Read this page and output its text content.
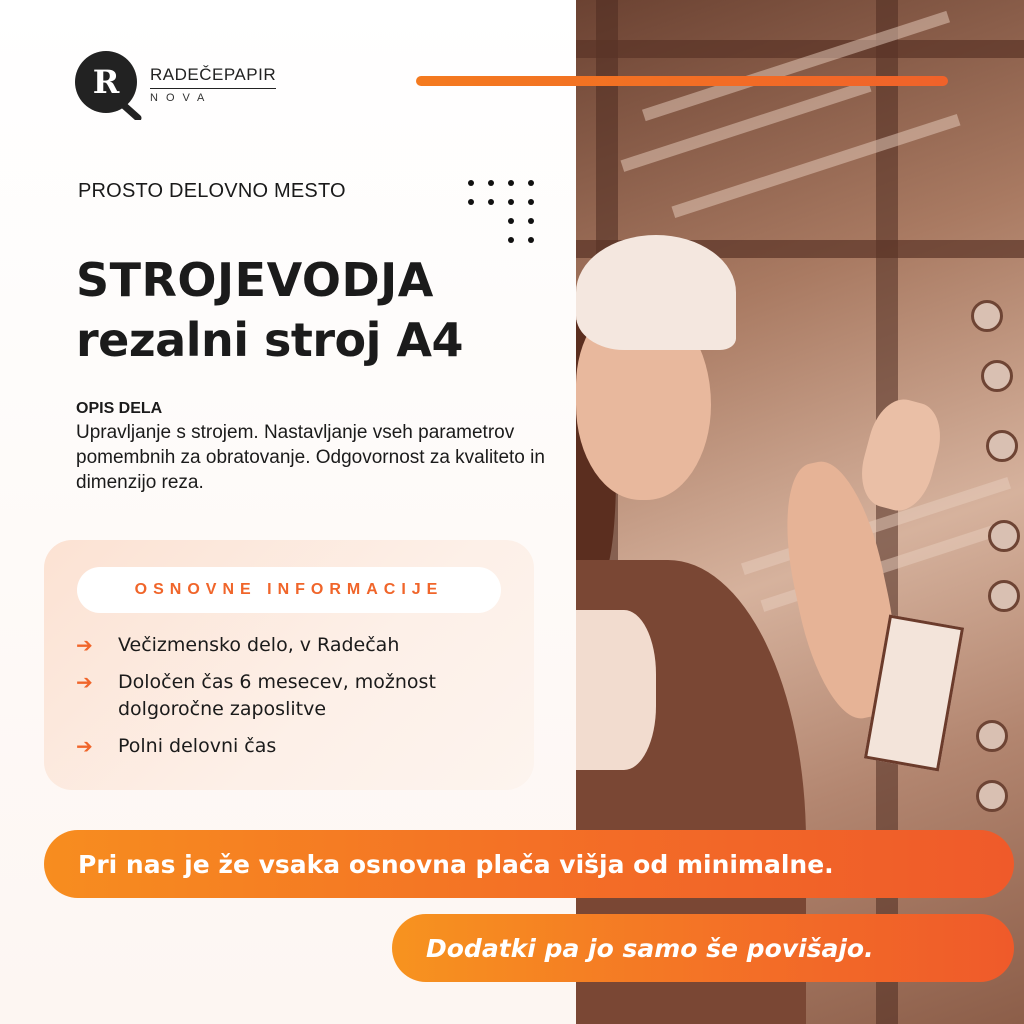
R RADEČEPAPIR
NOVA
PROSTO DELOVNO MESTO
STROJEVODJA
rezalni stroj A4
OPIS DELA
Upravljanje s strojem. Nastavljanje vseh parametrov pomembnih za obratovanje. Odgovornost za kvaliteto in dimenzijo reza.
OSNOVNE INFORMACIJE
➔	Večizmensko delo, v Radečah
➔	Določen čas 6 mesecev, možnost dolgoročne zaposlitve
➔	Polni delovni čas
Pri nas je že vsaka osnovna plača višja od minimalne.
Dodatki pa jo samo še povišajo.
